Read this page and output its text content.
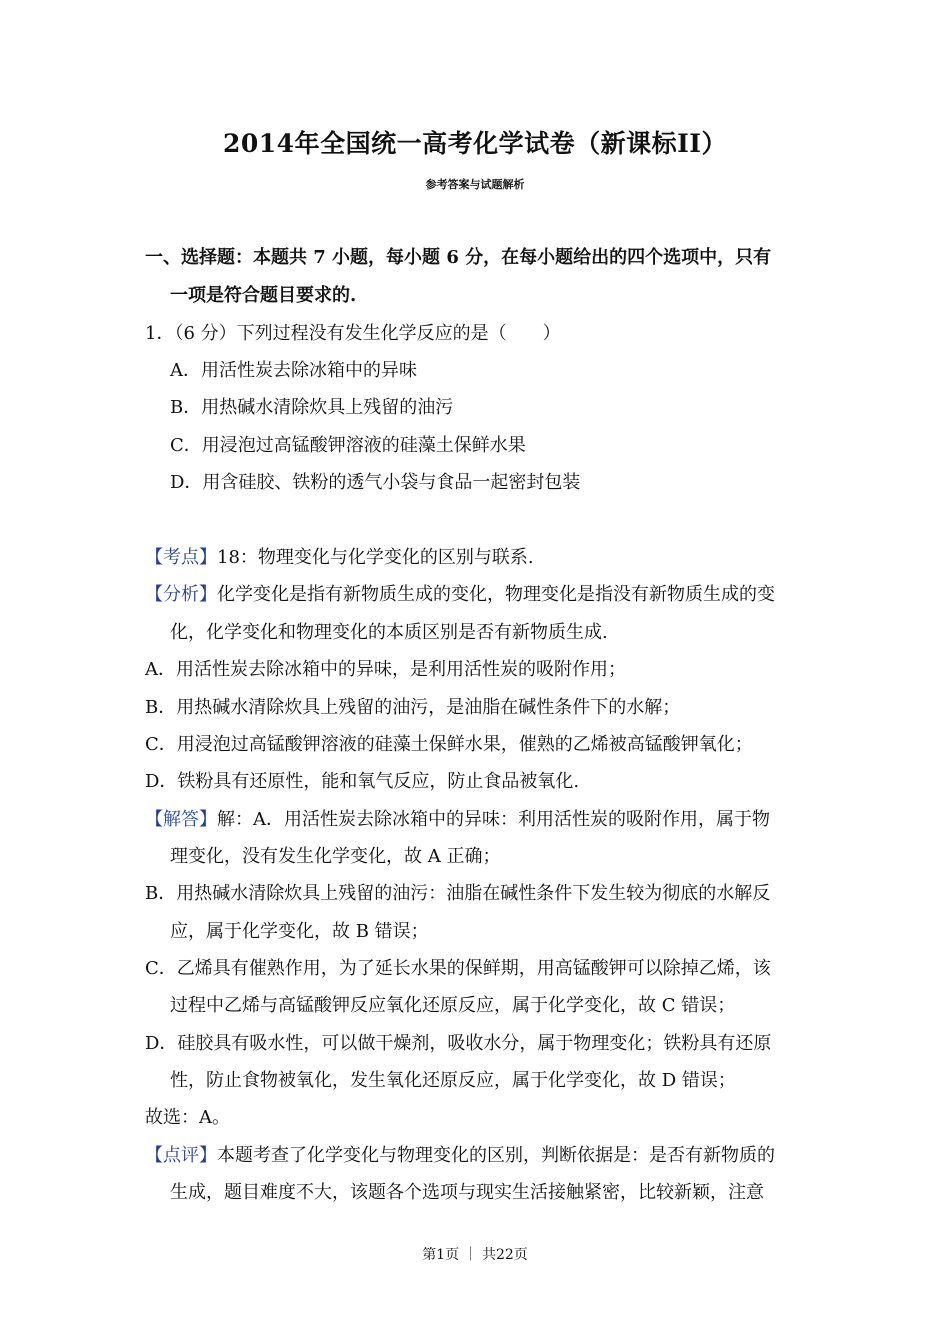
2014年全国统一高考化学试卷（新课标II）
参考答案与试题解析
一、选择题：本题共 7 小题，每小题 6 分，在每小题给出的四个选项中，只有
一项是符合题目要求的.
1．（6 分）下列过程没有发生化学反应的是（　　）
A．用活性炭去除冰箱中的异味
B．用热碱水清除炊具上残留的油污
C．用浸泡过高锰酸钾溶液的硅藻土保鲜水果
D．用含硅胶、铁粉的透气小袋与食品一起密封包装
【考点】18：物理变化与化学变化的区别与联系.
【分析】化学变化是指有新物质生成的变化，物理变化是指没有新物质生成的变
化，化学变化和物理变化的本质区别是否有新物质生成.
A．用活性炭去除冰箱中的异味，是利用活性炭的吸附作用；
B．用热碱水清除炊具上残留的油污，是油脂在碱性条件下的水解；
C．用浸泡过高锰酸钾溶液的硅藻土保鲜水果，催熟的乙烯被高锰酸钾氧化；
D．铁粉具有还原性，能和氧气反应，防止食品被氧化.
【解答】解：A．用活性炭去除冰箱中的异味：利用活性炭的吸附作用，属于物
理变化，没有发生化学变化，故 A 正确；
B．用热碱水清除炊具上残留的油污：油脂在碱性条件下发生较为彻底的水解反
应，属于化学变化，故 B 错误；
C．乙烯具有催熟作用，为了延长水果的保鲜期，用高锰酸钾可以除掉乙烯，该
过程中乙烯与高锰酸钾反应氧化还原反应，属于化学变化，故 C 错误；
D．硅胶具有吸水性，可以做干燥剂，吸收水分，属于物理变化；铁粉具有还原
性，防止食物被氧化，发生氧化还原反应，属于化学变化，故 D 错误；
故选：A。
【点评】本题考查了化学变化与物理变化的区别，判断依据是：是否有新物质的
生成，题目难度不大，该题各个选项与现实生活接触紧密，比较新颖，注意
第1页 ｜ 共22页
